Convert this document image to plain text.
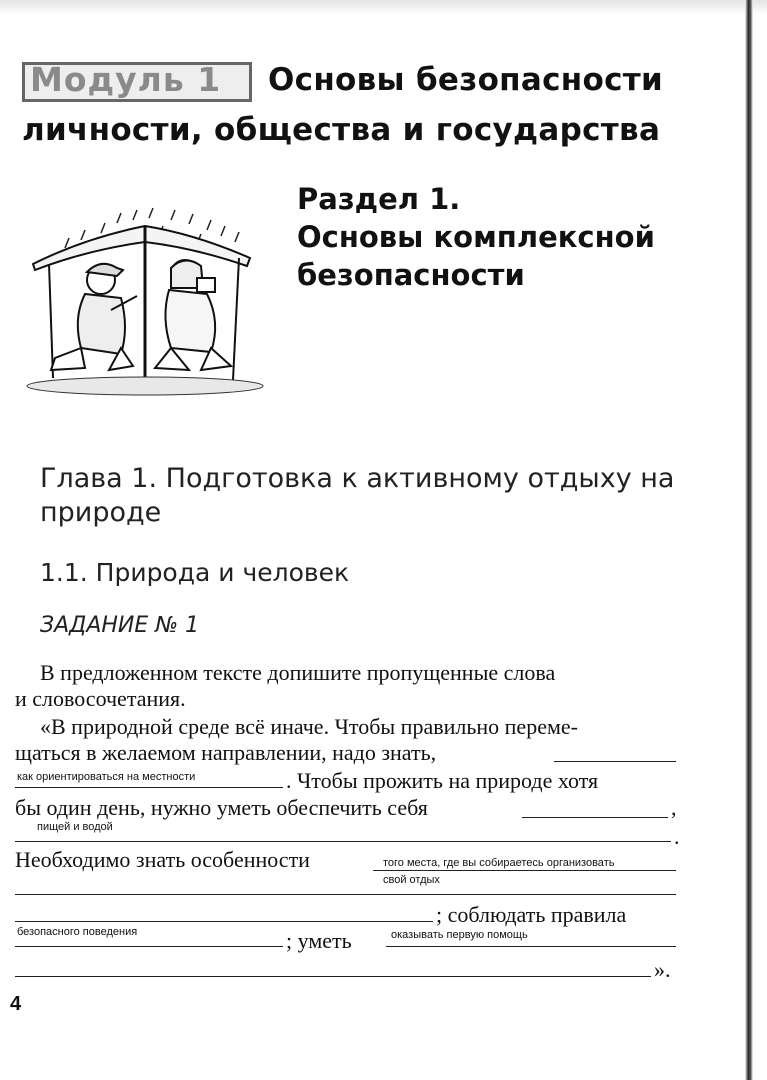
Модуль 1 Основы безопасности
личности, общества и государства
Раздел 1.
Основы комплексной
безопасности
Глава 1. Подготовка к активному отдыху на природе
1.1. Природа и человек
ЗАДАНИЕ № 1
В предложенном тексте допишите пропущенные слова
и словосочетания.
«В природной среде всё иначе. Чтобы правильно переме-
щаться в желаемом направлении, надо знать,
как ориентироваться на местности	. Чтобы прожить на природе хотя
бы один день, нужно уметь обеспечить себя	,
пищей и водой	.
Необходимо знать особенности	того места, где вы собираетесь организовать
свой отдых
; соблюдать правила
безопасного поведения	; уметь	оказывать первую помощь
».
4
